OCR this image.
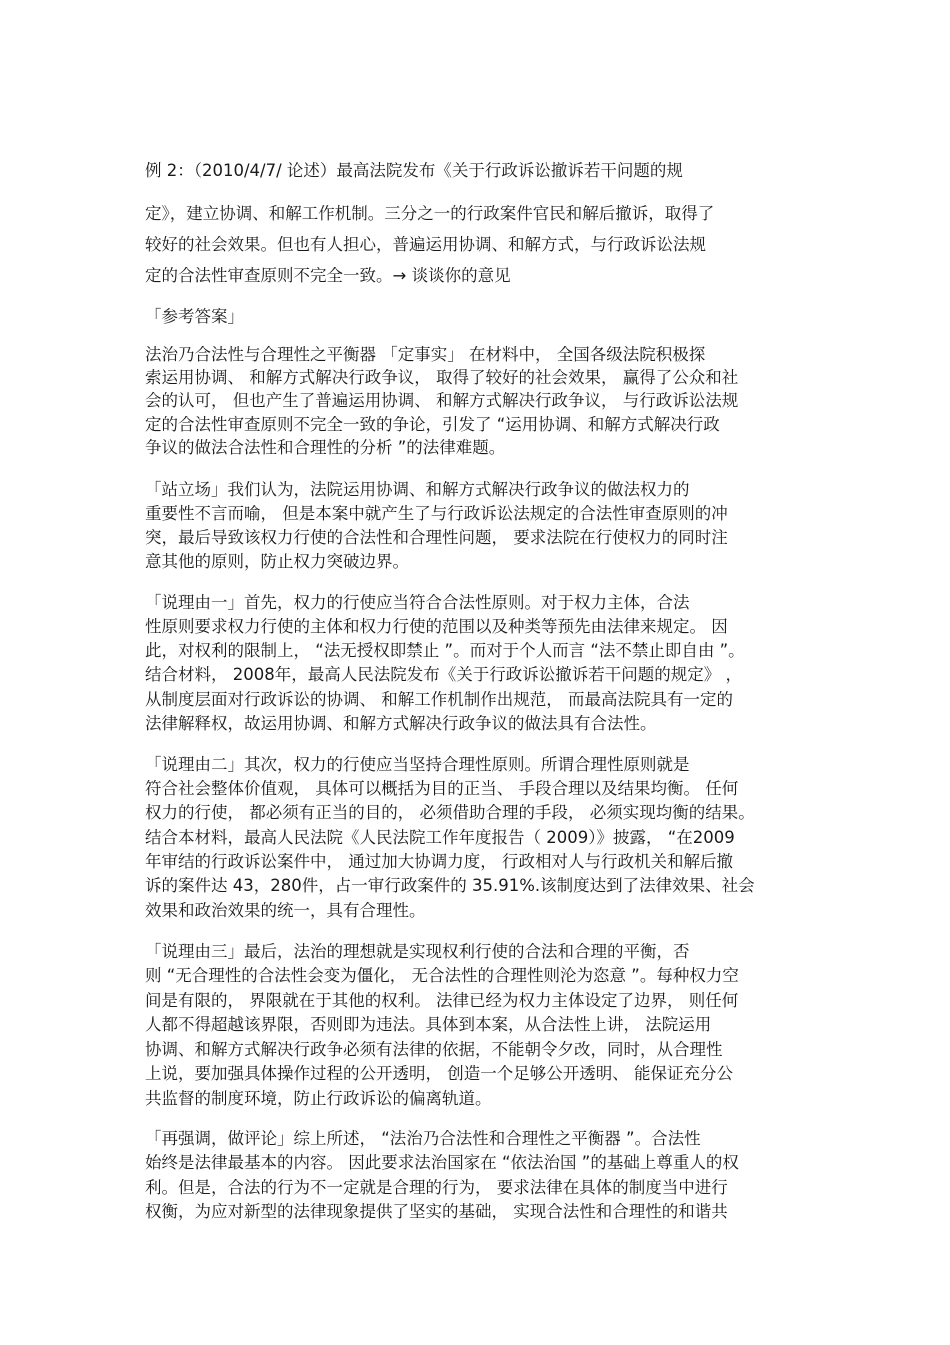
例 2：（2010/4/7/ 论述）最高法院发布《关于行政诉讼撤诉若干问题的规
定》，建立协调、和解工作机制。三分之一的行政案件官民和解后撤诉，取得了
较好的社会效果。但也有人担心，普遍运用协调、和解方式，与行政诉讼法规
定的合法性审查原则不完全一致。→ 谈谈你的意见
「参考答案」
法治乃合法性与合理性之平衡器 「定事实」 在材料中， 全国各级法院积极探
索运用协调、 和解方式解决行政争议， 取得了较好的社会效果， 赢得了公众和社
会的认可， 但也产生了普遍运用协调、 和解方式解决行政争议， 与行政诉讼法规
定的合法性审查原则不完全一致的争论，引发了 “运用协调、和解方式解决行政
争议的做法合法性和合理性的分析 ”的法律难题。
「站立场」我们认为，法院运用协调、和解方式解决行政争议的做法权力的
重要性不言而喻， 但是本案中就产生了与行政诉讼法规定的合法性审查原则的冲
突，最后导致该权力行使的合法性和合理性问题， 要求法院在行使权力的同时注
意其他的原则，防止权力突破边界。
「说理由一」首先，权力的行使应当符合合法性原则。对于权力主体，合法
性原则要求权力行使的主体和权力行使的范围以及种类等预先由法律来规定。 因
此，对权利的限制上， “法无授权即禁止 ”。而对于个人而言 “法不禁止即自由 ”。
结合材料， 2008年，最高人民法院发布《关于行政诉讼撤诉若干问题的规定》 ，
从制度层面对行政诉讼的协调、 和解工作机制作出规范， 而最高法院具有一定的
法律解释权，故运用协调、和解方式解决行政争议的做法具有合法性。
「说理由二」其次，权力的行使应当坚持合理性原则。所谓合理性原则就是
符合社会整体价值观， 具体可以概括为目的正当、 手段合理以及结果均衡。 任何
权力的行使， 都必须有正当的目的， 必须借助合理的手段， 必须实现均衡的结果。
结合本材料，最高人民法院《人民法院工作年度报告（ 2009）》披露， “在2009
年审结的行政诉讼案件中， 通过加大协调力度， 行政相对人与行政机关和解后撤
诉的案件达 43，280件，占一审行政案件的 35.91%.该制度达到了法律效果、社会
效果和政治效果的统一，具有合理性。
「说理由三」最后，法治的理想就是实现权利行使的合法和合理的平衡，否
则 “无合理性的合法性会变为僵化， 无合法性的合理性则沦为恣意 ”。每种权力空
间是有限的， 界限就在于其他的权利。 法律已经为权力主体设定了边界， 则任何
人都不得超越该界限，否则即为违法。具体到本案，从合法性上讲， 法院运用
协调、和解方式解决行政争必须有法律的依据，不能朝令夕改，同时，从合理性
上说，要加强具体操作过程的公开透明， 创造一个足够公开透明、 能保证充分公
共监督的制度环境，防止行政诉讼的偏离轨道。
「再强调，做评论」综上所述， “法治乃合法性和合理性之平衡器 ”。合法性
始终是法律最基本的内容。 因此要求法治国家在 “依法治国 ”的基础上尊重人的权
利。但是，合法的行为不一定就是合理的行为， 要求法律在具体的制度当中进行
权衡，为应对新型的法律现象提供了坚实的基础， 实现合法性和合理性的和谐共
